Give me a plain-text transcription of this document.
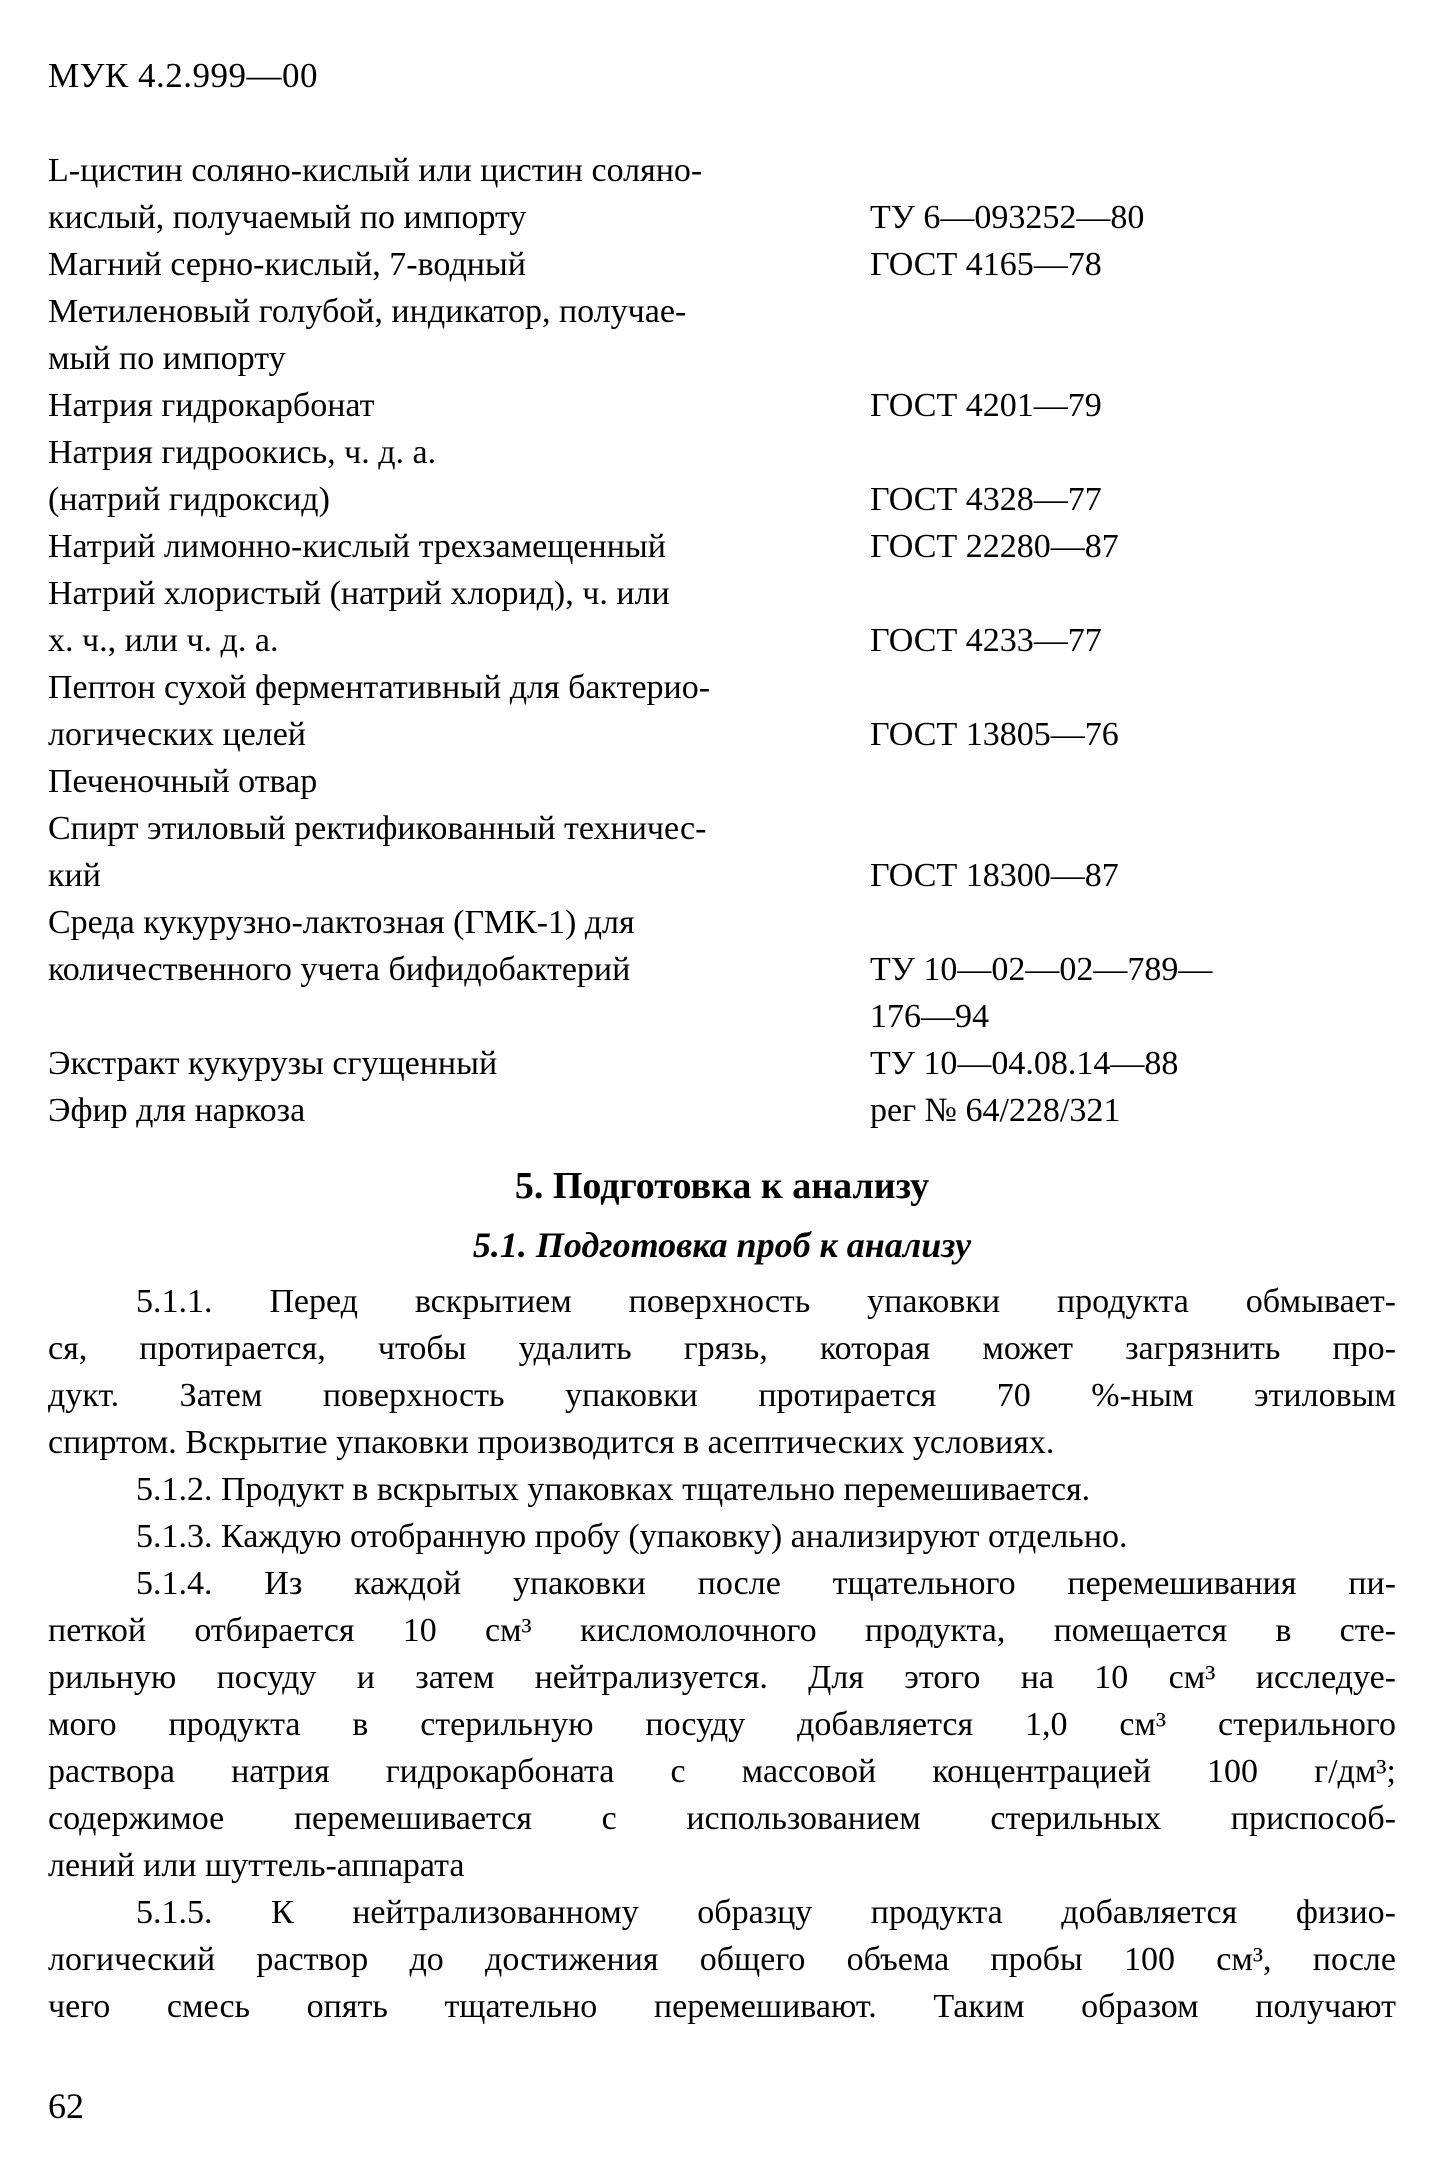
МУК 4.2.999—00
L-цистин соляно-кислый или цистин соляно-
кислый, получаемый по импорту	ТУ 6—093252—80
Магний серно-кислый, 7-водный	ГОСТ 4165—78
Метиленовый голубой, индикатор, получае-
мый по импорту
Натрия гидрокарбонат	ГОСТ 4201—79
Натрия гидроокись, ч. д. а.
(натрий гидроксид)	ГОСТ 4328—77
Натрий лимонно-кислый трехзамещенный	ГОСТ 22280—87
Натрий хлористый (натрий хлорид), ч. или
х. ч., или ч. д. а.	ГОСТ 4233—77
Пептон сухой ферментативный для бактерио-
логических целей	ГОСТ 13805—76
Печеночный отвар
Спирт этиловый ректификованный техничес-
кий	ГОСТ 18300—87
Среда кукурузно-лактозная (ГМК-1) для
количественного учета бифидобактерий	ТУ 10—02—02—789—
176—94
Экстракт кукурузы сгущенный	ТУ 10—04.08.14—88
Эфир для наркоза	рег № 64/228/321
5. Подготовка к анализу
5.1. Подготовка проб к анализу
5.1.1. Перед вскрытием поверхность упаковки продукта обмывает-
ся, протирается, чтобы удалить грязь, которая может загрязнить про-
дукт. Затем поверхность упаковки протирается 70 %-ным этиловым
спиртом. Вскрытие упаковки производится в асептических условиях.
5.1.2. Продукт в вскрытых упаковках тщательно перемешивается.
5.1.3. Каждую отобранную пробу (упаковку) анализируют отдельно.
5.1.4. Из каждой упаковки после тщательного перемешивания пи-
петкой отбирается 10 см³ кисломолочного продукта, помещается в сте-
рильную посуду и затем нейтрализуется. Для этого на 10 см³ исследуе-
мого продукта в стерильную посуду добавляется 1,0 см³ стерильного
раствора натрия гидрокарбоната с массовой концентрацией 100 г/дм³;
содержимое перемешивается с использованием стерильных приспособ-
лений или шуттель-аппарата
5.1.5. К нейтрализованному образцу продукта добавляется физио-
логический раствор до достижения общего объема пробы 100 см³, после
чего смесь опять тщательно перемешивают. Таким образом получают
62
